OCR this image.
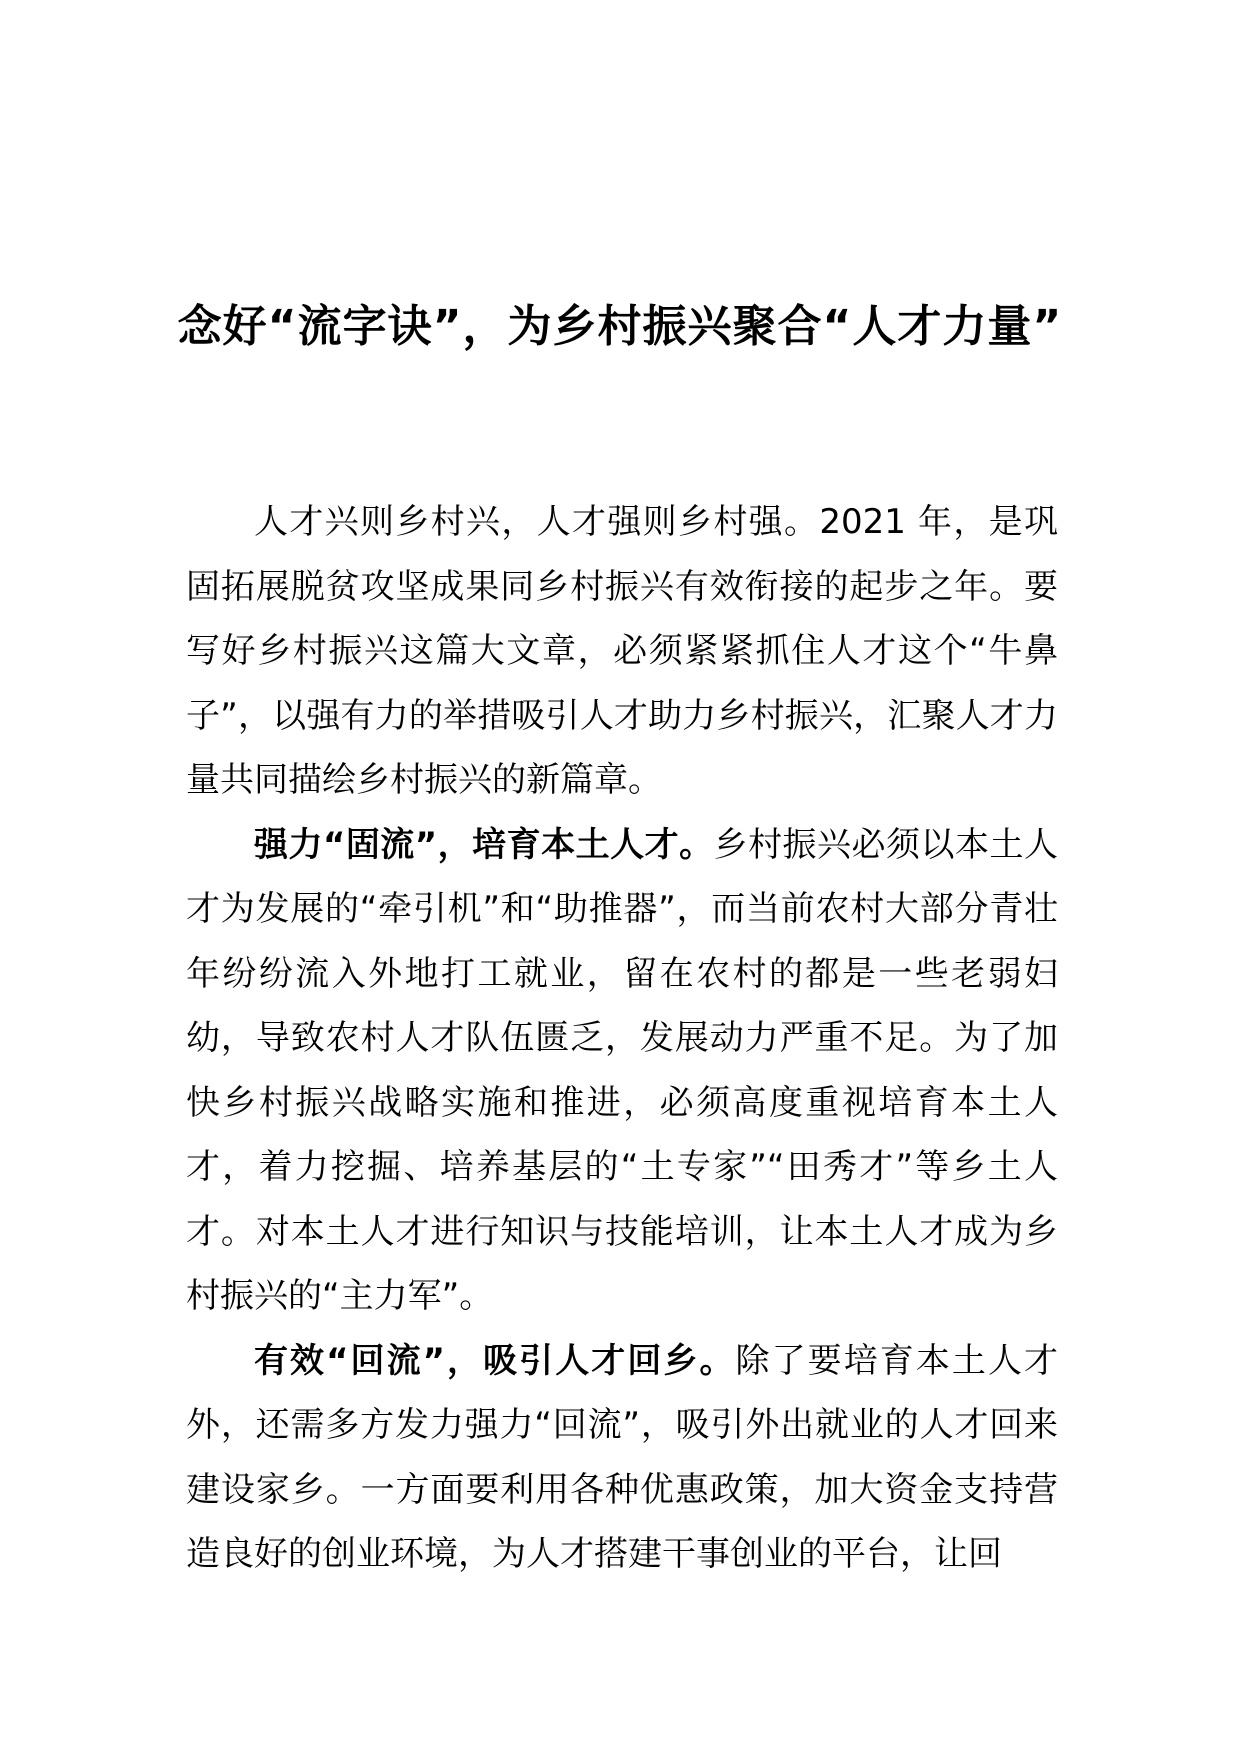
念好“流字诀”，为乡村振兴聚合“人才力量”

人才兴则乡村兴，人才强则乡村强。2021 年，是巩固拓展脱贫攻坚成果同乡村振兴有效衔接的起步之年。要写好乡村振兴这篇大文章，必须紧紧抓住人才这个“牛鼻子”，以强有力的举措吸引人才助力乡村振兴，汇聚人才力量共同描绘乡村振兴的新篇章。

强力“固流”，培育本土人才。乡村振兴必须以本土人才为发展的“牵引机”和“助推器”，而当前农村大部分青壮年纷纷流入外地打工就业，留在农村的都是一些老弱妇幼，导致农村人才队伍匮乏，发展动力严重不足。为了加快乡村振兴战略实施和推进，必须高度重视培育本土人才，着力挖掘、培养基层的“土专家”“田秀才”等乡土人才。对本土人才进行知识与技能培训，让本土人才成为乡村振兴的“主力军”。

有效“回流”，吸引人才回乡。除了要培育本土人才外，还需多方发力强力“回流”，吸引外出就业的人才回来建设家乡。一方面要利用各种优惠政策，加大资金支持营造良好的创业环境，为人才搭建干事创业的平台，让回
